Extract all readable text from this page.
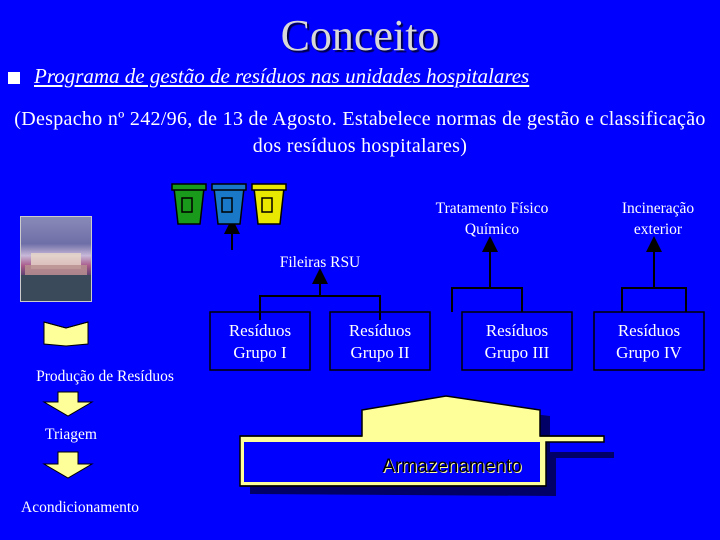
Conceito
Programa de gestão de resíduos nas unidades hospitalares
(Despacho nº 242/96, de 13 de Agosto. Estabelece normas de gestão e classificação dos resíduos hospitalares)
Tratamento Físico
Químico
Incineração
exterior
Fileiras RSU
Resíduos
Grupo I
Resíduos
Grupo II
Resíduos
Grupo III
Resíduos
Grupo IV
Produção de Resíduos
Triagem
Acondicionamento
Armazenamento
